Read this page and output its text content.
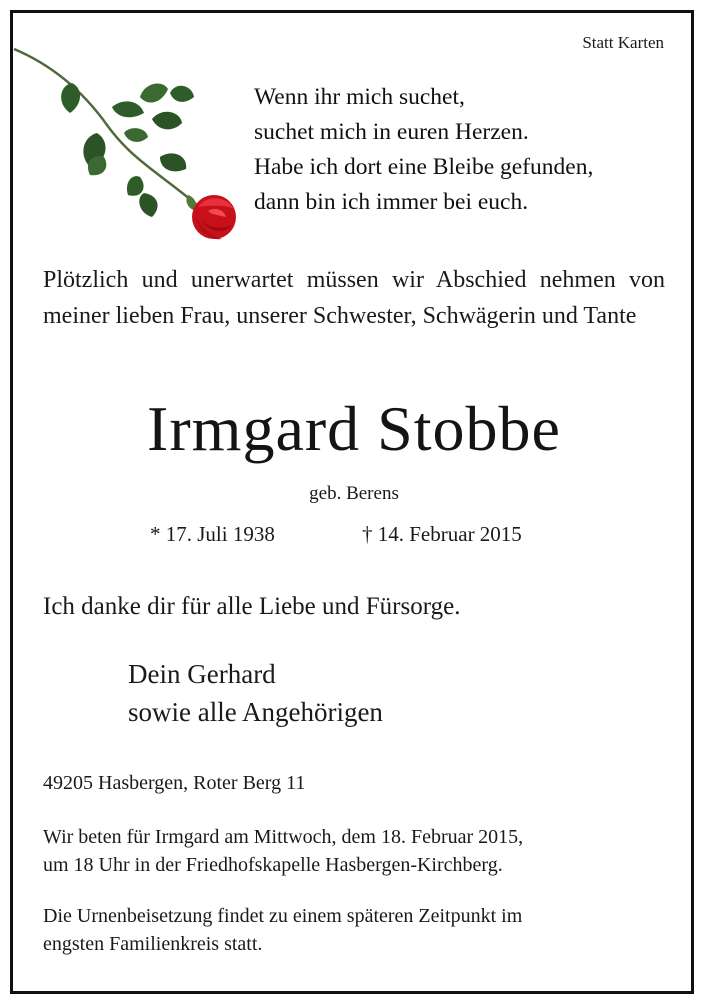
Statt Karten
Wenn ihr mich suchet,
suchet mich in euren Herzen.
Habe ich dort eine Bleibe gefunden,
dann bin ich immer bei euch.
Plötzlich und unerwartet müssen wir Abschied nehmen von meiner lieben Frau, unserer Schwester, Schwägerin und Tante
Irmgard Stobbe
geb. Berens
* 17. Juli 1938	† 14. Februar 2015
Ich danke dir für alle Liebe und Fürsorge.
Dein Gerhard
sowie alle Angehörigen
49205 Hasbergen, Roter Berg 11
Wir beten für Irmgard am Mittwoch, dem 18. Februar 2015,
um 18 Uhr in der Friedhofskapelle Hasbergen-Kirchberg.
Die Urnenbeisetzung findet zu einem späteren Zeitpunkt im
engsten Familienkreis statt.
